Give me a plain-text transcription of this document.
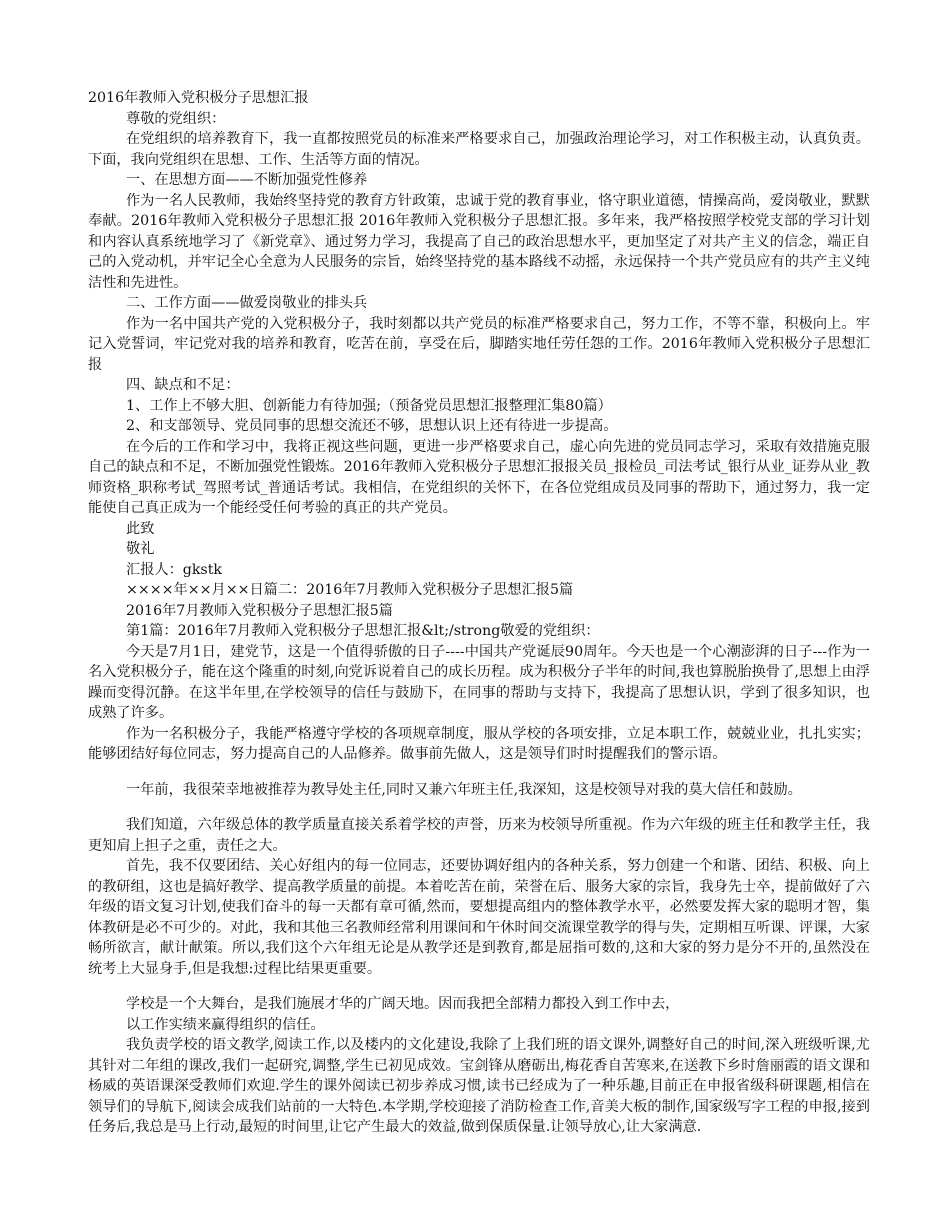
2016年教师入党积极分子思想汇报

尊敬的党组织：

在党组织的培养教育下，我一直都按照党员的标准来严格要求自己，加强政治理论学习，对工作积极主动，认真负责。下面，我向党组织在思想、工作、生活等方面的情况。

一、在思想方面——不断加强党性修养

作为一名人民教师，我始终坚持党的教育方针政策，忠诚于党的教育事业，恪守职业道德，情操高尚，爱岗敬业，默默奉献。2016年教师入党积极分子思想汇报 2016年教师入党积极分子思想汇报。多年来，我严格按照学校党支部的学习计划和内容认真系统地学习了《新党章》、通过努力学习，我提高了自己的政治思想水平，更加坚定了对共产主义的信念，端正自己的入党动机，并牢记全心全意为人民服务的宗旨，始终坚持党的基本路线不动摇，永远保持一个共产党员应有的共产主义纯洁性和先进性。

二、工作方面——做爱岗敬业的排头兵

作为一名中国共产党的入党积极分子，我时刻都以共产党员的标准严格要求自己，努力工作，不等不靠，积极向上。牢记入党誓词，牢记党对我的培养和教育，吃苦在前，享受在后，脚踏实地任劳任怨的工作。2016年教师入党积极分子思想汇报

四、缺点和不足：

1、工作上不够大胆、创新能力有待加强;（预备党员思想汇报整理汇集80篇）

2、和支部领导、党员同事的思想交流还不够，思想认识上还有待进一步提高。

在今后的工作和学习中，我将正视这些问题，更进一步严格要求自己，虚心向先进的党员同志学习，采取有效措施克服自己的缺点和不足，不断加强党性锻炼。2016年教师入党积极分子思想汇报报关员_报检员_司法考试_银行从业_证券从业_教师资格_职称考试_驾照考试_普通话考试。我相信，在党组织的关怀下，在各位党组成员及同事的帮助下，通过努力，我一定能使自己真正成为一个能经受任何考验的真正的共产党员。

此致

敬礼

汇报人：gkstk

××××年××月××日篇二：2016年7月教师入党积极分子思想汇报5篇

2016年7月教师入党积极分子思想汇报5篇

第1篇：2016年7月教师入党积极分子思想汇报&lt;/strong敬爱的党组织：

今天是7月1日，建党节，这是一个值得骄傲的日子----中国共产党诞辰90周年。今天也是一个心潮澎湃的日子---作为一名入党积极分子，能在这个隆重的时刻,向党诉说着自己的成长历程。成为积极分子半年的时间,我也算脱胎换骨了,思想上由浮躁而变得沉静。在这半年里,在学校领导的信任与鼓励下，在同事的帮助与支持下，我提高了思想认识，学到了很多知识，也成熟了许多。

作为一名积极分子，我能严格遵守学校的各项规章制度，服从学校的各项安排，立足本职工作，兢兢业业，扎扎实实；能够团结好每位同志，努力提高自己的人品修养。做事前先做人，这是领导们时时提醒我们的警示语。

一年前，我很荣幸地被推荐为教导处主任,同时又兼六年班主任,我深知，这是校领导对我的莫大信任和鼓励。

我们知道，六年级总体的教学质量直接关系着学校的声誉，历来为校领导所重视。作为六年级的班主任和教学主任，我更知肩上担子之重，责任之大。

首先，我不仅要团结、关心好组内的每一位同志，还要协调好组内的各种关系，努力创建一个和谐、团结、积极、向上的教研组，这也是搞好教学、提高教学质量的前提。本着吃苦在前，荣誉在后、服务大家的宗旨，我身先士卒，提前做好了六年级的语文复习计划,使我们奋斗的每一天都有章可循,然而，要想提高组内的整体教学水平，必然要发挥大家的聪明才智，集体教研是必不可少的。对此，我和其他三名教师经常利用课间和午休时间交流课堂教学的得与失，定期相互听课、评课，大家畅所欲言，献计献策。所以,我们这个六年组无论是从教学还是到教育,都是屈指可数的,这和大家的努力是分不开的,虽然没在统考上大显身手,但是我想:过程比结果更重要。

学校是一个大舞台，是我们施展才华的广阔天地。因而我把全部精力都投入到工作中去，

以工作实绩来赢得组织的信任。

我负责学校的语文教学,阅读工作,以及楼内的文化建设,我除了上我们班的语文课外,调整好自己的时间,深入班级听课,尤其针对二年组的课改,我们一起研究,调整,学生已初见成效。宝剑锋从磨砺出,梅花香自苦寒来,在送教下乡时詹丽霞的语文课和杨威的英语课深受教师们欢迎.学生的课外阅读已初步养成习惯,读书已经成为了一种乐趣,目前正在申报省级科研课题,相信在领导们的导航下,阅读会成我们站前的一大特色.本学期,学校迎接了消防检查工作,音美大板的制作,国家级写字工程的申报,接到任务后,我总是马上行动,最短的时间里,让它产生最大的效益,做到保质保量.让领导放心,让大家满意.
